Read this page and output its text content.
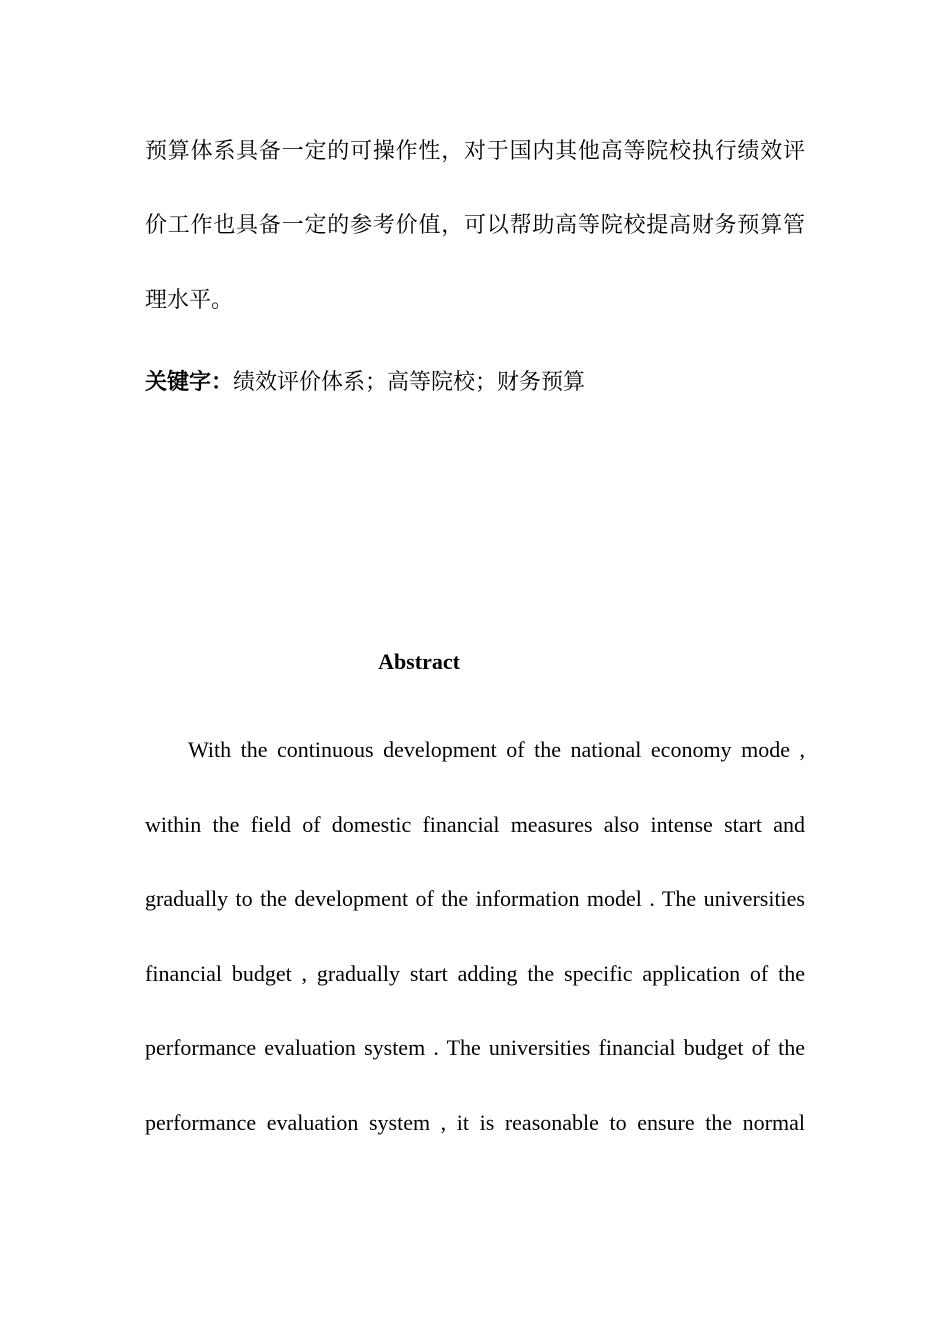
预算体系具备一定的可操作性，对于国内其他高等院校执行绩效评
价工作也具备一定的参考价值，可以帮助高等院校提高财务预算管
理水平。
关键字：绩效评价体系；高等院校；财务预算
Abstract
With the continuous development of the national economy mode ,
within the field of domestic financial measures also intense start and
gradually to the development of the information model . The universities
financial budget , gradually start adding the specific application of the
performance evaluation system . The universities financial budget of the
performance evaluation system , it is reasonable to ensure the normal
